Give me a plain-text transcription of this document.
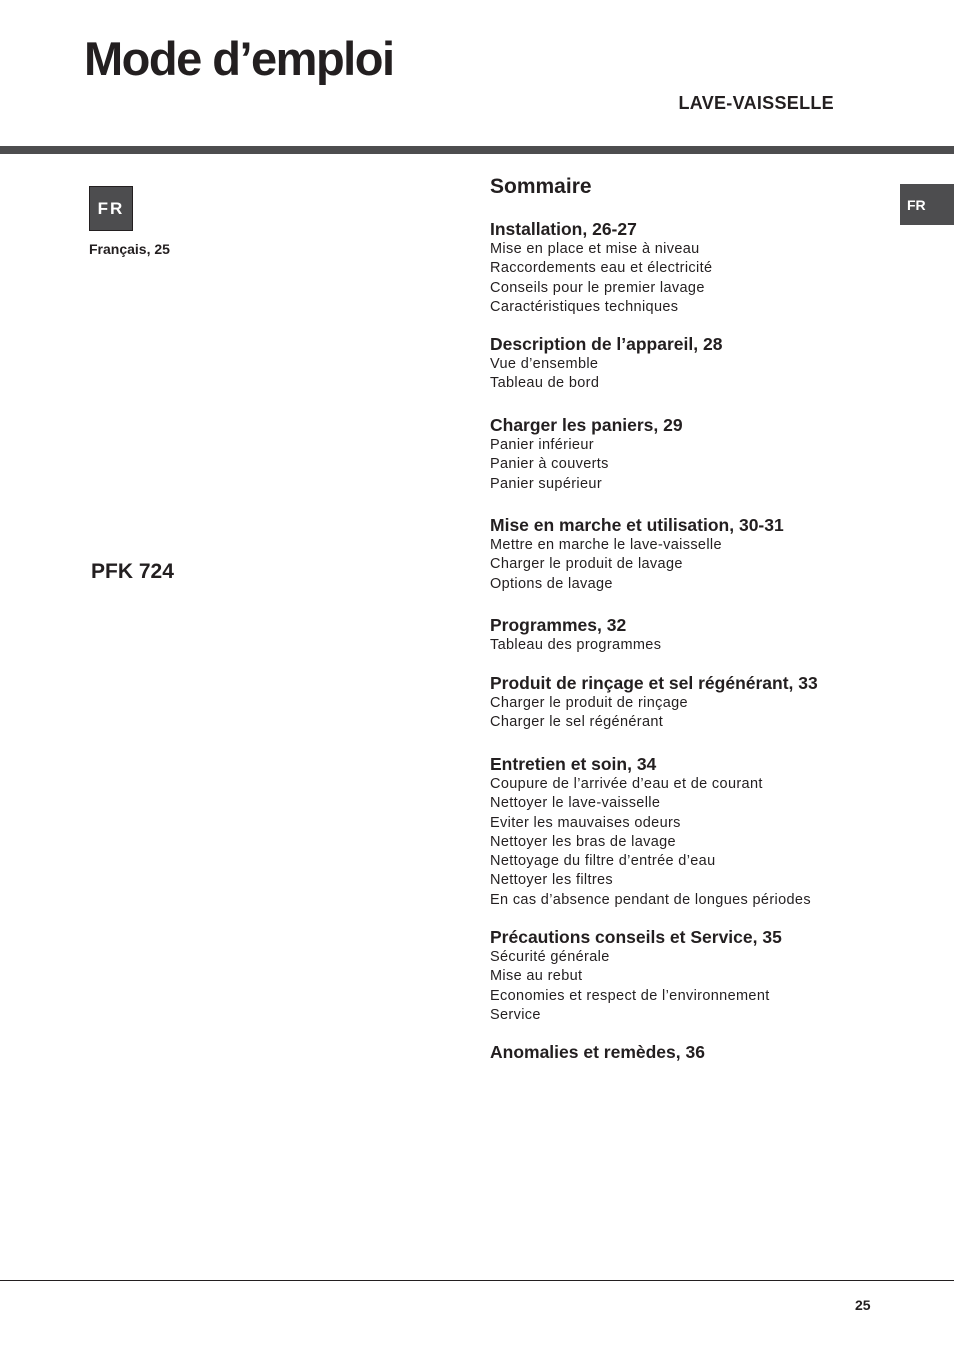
Mode d’emploi
LAVE-VAISSELLE
FR
Français, 25
PFK 724
FR
Sommaire
Installation, 26-27
Mise en place et mise à niveau
Raccordements eau et électricité
Conseils pour le premier lavage
Caractéristiques techniques
Description de l’appareil, 28
Vue d’ensemble
Tableau de bord
Charger les paniers, 29
Panier inférieur
Panier à couverts
Panier supérieur
Mise en marche et utilisation, 30-31
Mettre en marche le lave-vaisselle
Charger le produit de lavage
Options de lavage
Programmes, 32
Tableau des programmes
Produit de rinçage et sel régénérant, 33
Charger le produit de rinçage
Charger le sel régénérant
Entretien et soin, 34
Coupure de l’arrivée d’eau et de courant
Nettoyer le lave-vaisselle
Eviter les mauvaises odeurs
Nettoyer les bras de lavage
Nettoyage du filtre d’entrée d’eau
Nettoyer les filtres
En cas d’absence pendant de longues périodes
Précautions conseils et Service, 35
Sécurité générale
Mise au rebut
Economies et respect de l’environnement
Service
Anomalies et remèdes, 36
25
